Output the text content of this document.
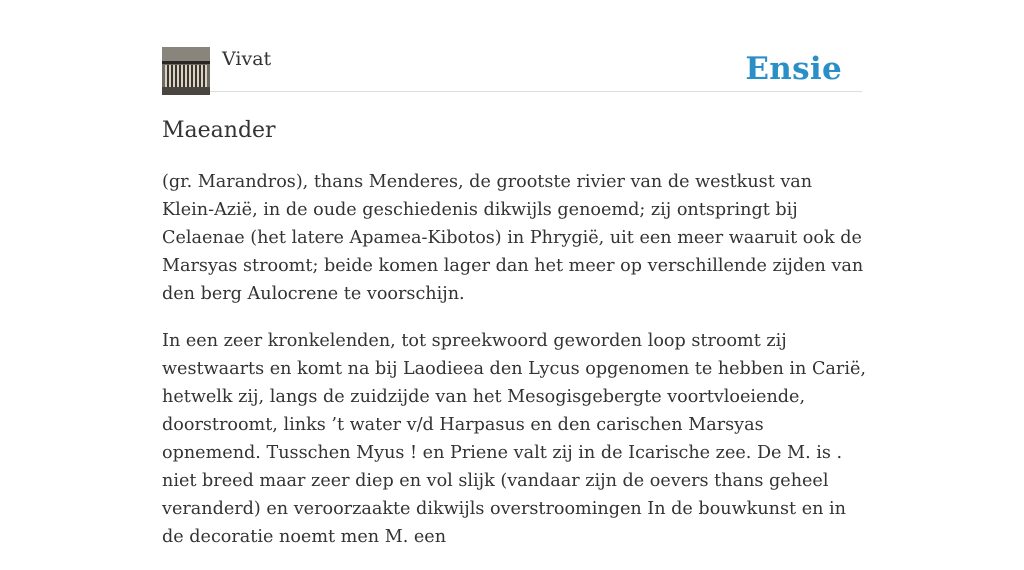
Vivat	Ensie
Maeander

(gr. Marandros), thans Menderes, de grootste rivier van de westkust van Klein-Azië, in de oude geschiedenis dikwijls genoemd; zij ontspringt bij Celaenae (het latere Apamea-Kibotos) in Phrygië, uit een meer waaruit ook de Marsyas stroomt; beide komen lager dan het meer op verschillende zijden van den berg Aulocrene te voorschijn.

In een zeer kronkelenden, tot spreekwoord geworden loop stroomt zij westwaarts en komt na bij Laodieea den Lycus opgenomen te hebben in Carië, hetwelk zij, langs de zuidzijde van het Mesogisgebergte voortvloeiende, doorstroomt, links ’t water v/d Harpasus en den carischen Marsyas opnemend. Tusschen Myus ! en Priene valt zij in de Icarische zee. De M. is . niet breed maar zeer diep en vol slijk (vandaar zijn de oevers thans geheel veranderd) en veroorzaakte dikwijls overstroomingen In de bouwkunst en in de decoratie noemt men M. een
